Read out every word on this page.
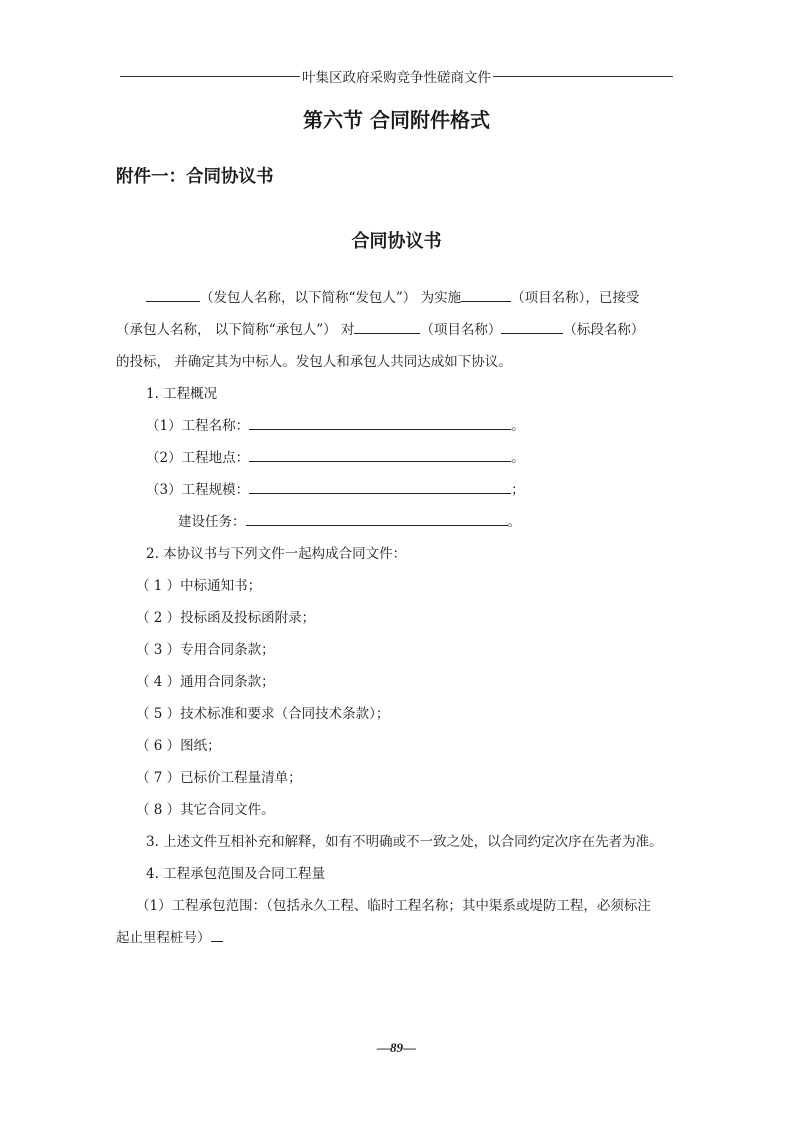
叶集区政府采购竞争性磋商文件
第六节 合同附件格式
附件一：合同协议书
合同协议书
（发包人名称，以下简称“发包人”） 为实施	（项目名称），已接受
（承包人名称， 以下简称“承包人”） 对	（项目名称）	（标段名称）
的投标， 并确定其为中标人。发包人和承包人共同达成如下协议。
1. 工程概况
（1）工程名称：	。
（2）工程地点：	。
（3）工程规模：	；
建设任务：	。
2. 本协议书与下列文件一起构成合同文件：
（ 1 ）中标通知书；
（ 2 ）投标函及投标函附录；
（ 3 ）专用合同条款；
（ 4 ）通用合同条款；
（ 5 ）技术标准和要求（合同技术条款）；
（ 6 ）图纸；
（ 7 ）已标价工程量清单；
（ 8 ）其它合同文件。
3. 上述文件互相补充和解释，如有不明确或不一致之处，以合同约定次序在先者为准。
4. 工程承包范围及合同工程量
（1）工程承包范围：（包括永久工程、临时工程名称；其中渠系或堤防工程，必须标注
起止里程桩号）
—89—
